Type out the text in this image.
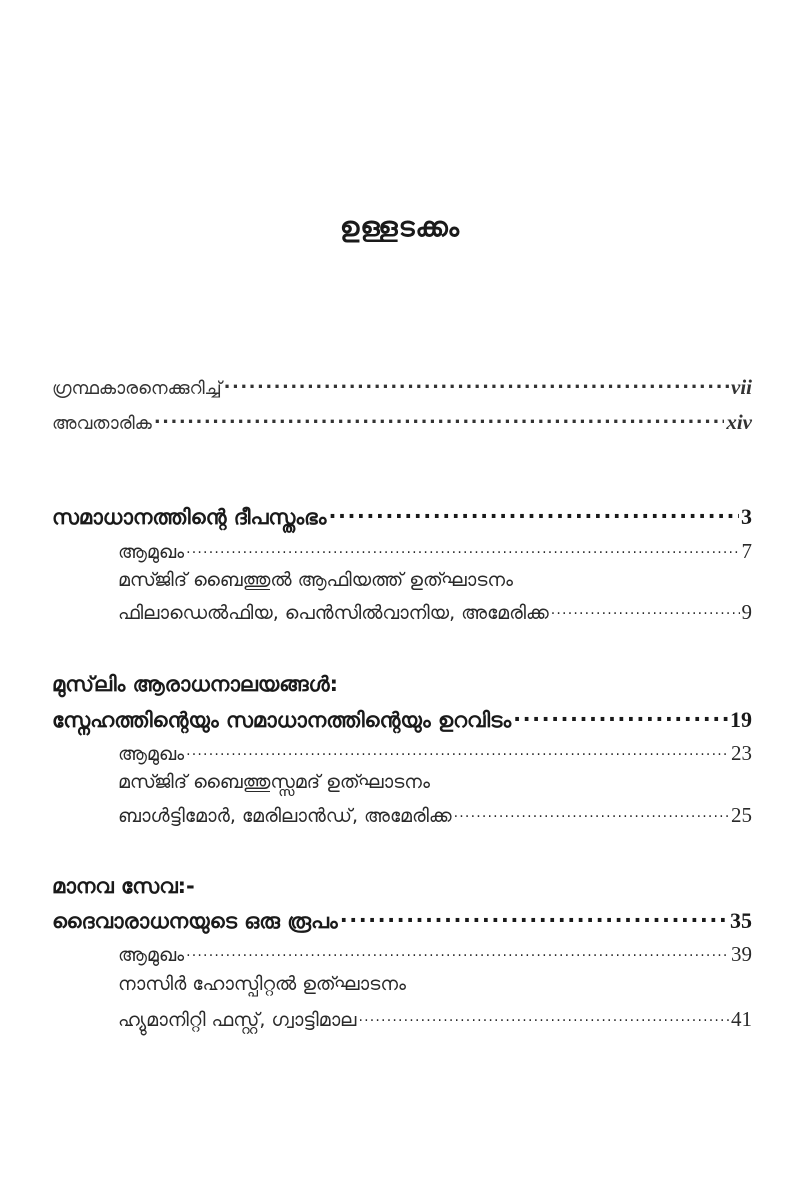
ഉള്ളടക്കം
ഗ്രന്ഥകാരനെക്കുറിച്ച് .....	vii
അവതാരിക .....	xiv
സമാധാനത്തിന്റെ ദീപസ്തംഭം .....	3
ആമുഖം .....	7
മസ്ജിദ് ബൈത്തുൽ ആഫിയത്ത് ഉത്ഘാടനം
ഫിലാഡെൽഫിയ, പെൻസിൽവാനിയ, അമേരിക്ക .....	9
മുസ്‌ലിം ആരാധനാലയങ്ങൾ:
സ്നേഹത്തിന്റെയും സമാധാനത്തിന്റെയും ഉറവിടം .....	19
ആമുഖം .....	23
മസ്ജിദ് ബൈത്തുസ്സമദ് ഉത്ഘാടനം
ബാൾട്ടിമോർ, മേരിലാൻഡ്, അമേരിക്ക .....	25
മാനവ സേവ:-
ദൈവാരാധനയുടെ ഒരു രൂപം .....	35
ആമുഖം .....	39
നാസിർ ഹോസ്പിറ്റൽ ഉത്ഘാടനം
ഹ്യുമാനിറ്റി ഫസ്റ്റ്, ഗ്വാട്ടിമാല .....	41
